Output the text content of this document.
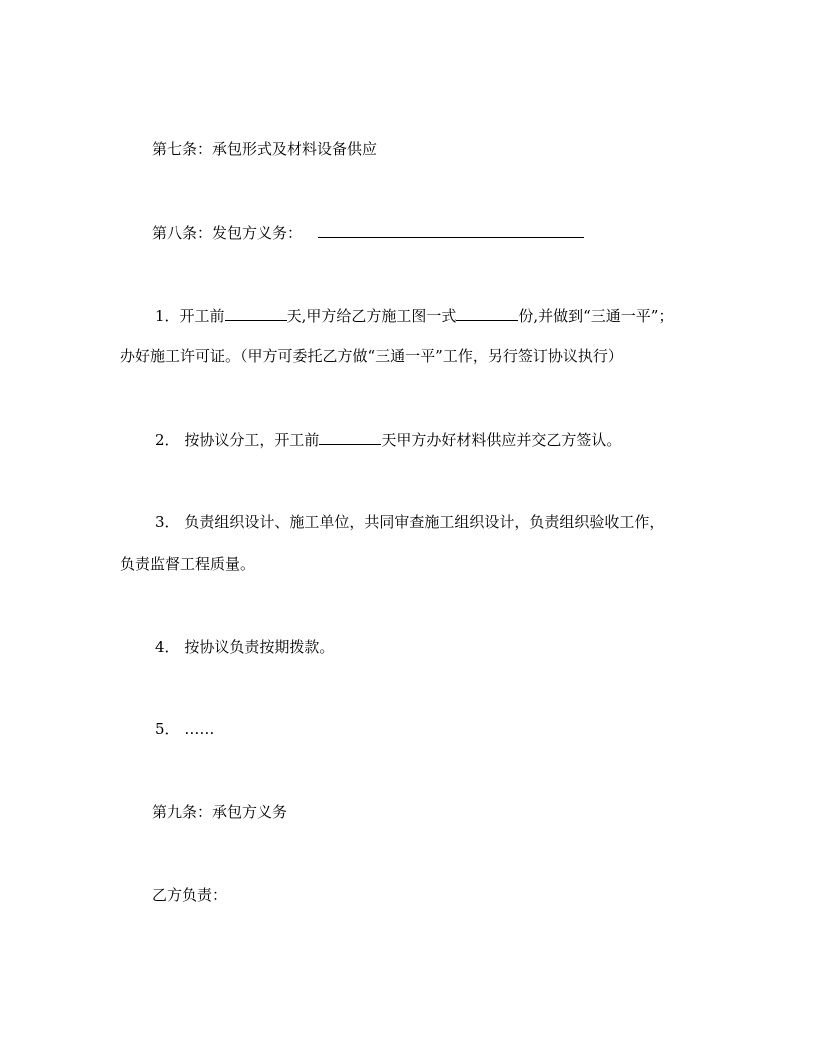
第七条：承包形式及材料设备供应
第八条：发包方义务：
1．开工前	天,甲方给乙方施工图一式	份,并做到“三通一平”；
办好施工许可证。（甲方可委托乙方做“三通一平”工作，另行签订协议执行）
2． 按协议分工，开工前	天甲方办好材料供应并交乙方签认。
3． 负责组织设计、施工单位，共同审查施工组织设计，负责组织验收工作，
负责监督工程质量。
4． 按协议负责按期拨款。
5． ……
第九条：承包方义务
乙方负责：
